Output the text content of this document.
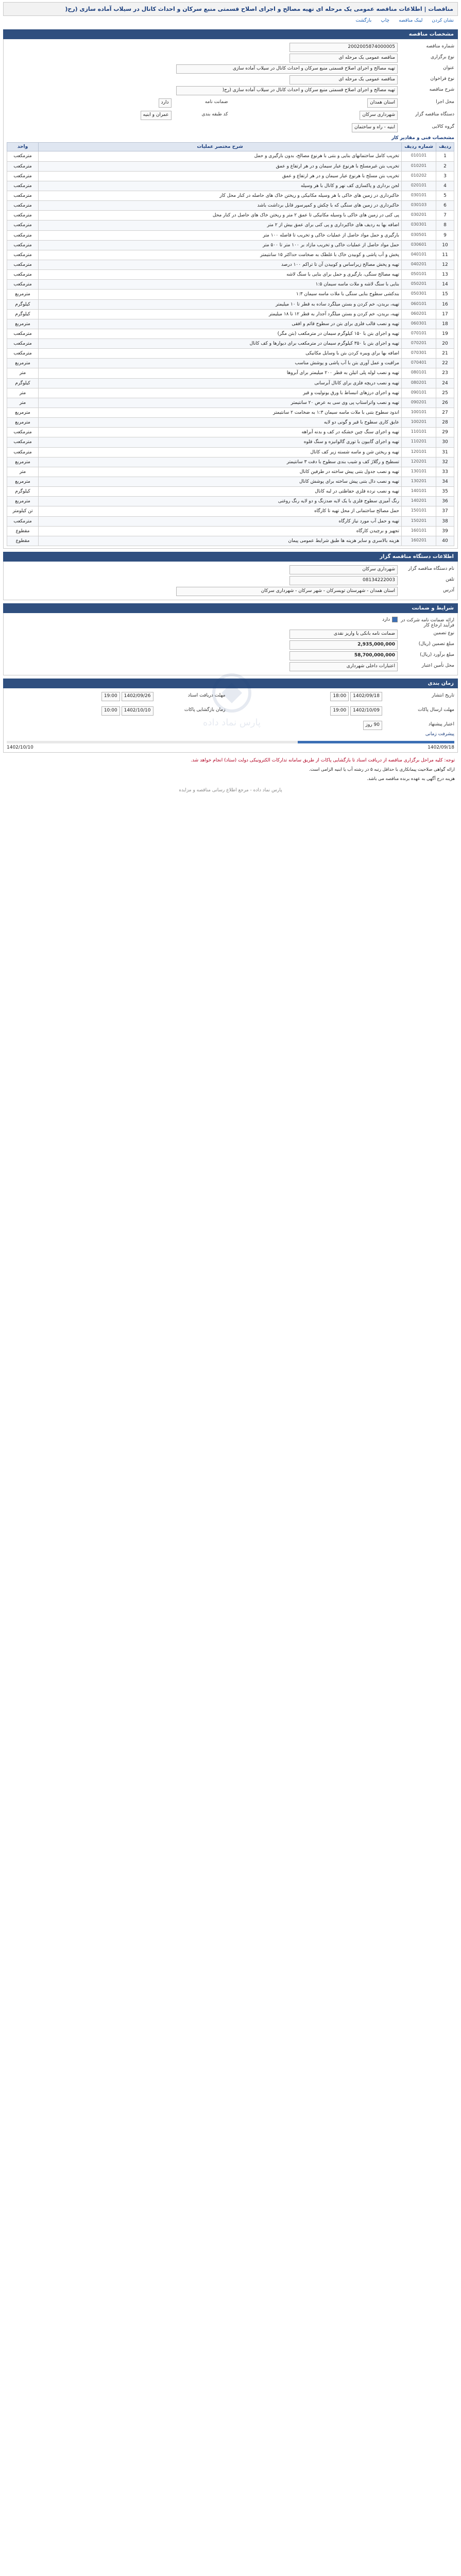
مناقصات | اطلاعات مناقصه عمومی یک مرحله ای تهیه مصالح و اجرای اصلاح قسمتی منبع سرکان و احداث کانال در سیلاب آماده سازی (رح(
نشان کردن
لینک مناقصه
چاپ
بازگشت
مشخصات مناقصه
شماره مناقصه
2002005874000005
نوع برگزاری
مناقصه عمومی یک مرحله ای
عنوان
تهیه مصالح و اجرای اصلاح قسمتی منبع سرکان و احداث کانال در سیلاب آماده سازی
نوع فراخوان
مناقصه عمومی یک مرحله ای
شرح مناقصه
تهیه مصالح و اجرای اصلاح قسمتی منبع سرکان و احداث کانال در سیلاب آماده سازی (رح(
محل اجرا
استان همدان
ضمانت نامه
دارد
دستگاه مناقصه گزار
شهرداری سرکان
کد طبقه بندی
عمران و ابنیه
گروه کالایی
ابنیه - راه و ساختمان
مشخصات فنی و مقادیر کار
ردیف	شماره ردیف	شرح مختصر عملیات	واحد
1	010101	تخریب کامل ساختمانهای بنایی و بتنی با هرنوع مصالح، بدون بارگیری و حمل	مترمکعب
2	010201	تخریب بتن غیرمسلح با هرنوع عیار سیمان و در هر ارتفاع و عمق	مترمکعب
3	010202	تخریب بتن مسلح با هرنوع عیار سیمان و در هر ارتفاع و عمق	مترمکعب
4	020101	لجن برداری و پاکسازی کف نهر و کانال با هر وسیله	مترمکعب
5	030101	خاکبرداری در زمین های خاکی با هر وسیله مکانیکی و ریختن خاک های حاصله در کنار محل کار	مترمکعب
6	030103	خاکبرداری در زمین های سنگی که با چکش و کمپرسور قابل برداشت باشد	مترمکعب
7	030201	پی کنی در زمین های خاکی با وسیله مکانیکی تا عمق ۲ متر و ریختن خاک های حاصل در کنار محل	مترمکعب
8	030301	اضافه بها به ردیف های خاکبرداری و پی کنی برای عمق بیش از ۲ متر	مترمکعب
9	030501	بارگیری و حمل مواد حاصل از عملیات خاکی و تخریب تا فاصله ۱۰۰ متر	مترمکعب
10	030601	حمل مواد حاصل از عملیات خاکی و تخریب مازاد بر ۱۰۰ متر تا ۵۰۰ متر	مترمکعب
11	040101	پخش و آب پاشی و کوبیدن خاک با غلطک به ضخامت حداکثر ۱۵ سانتیمتر	مترمکعب
12	040201	تهیه و پخش مصالح زیراساس و کوبیدن آن تا تراکم ۱۰۰ درصد	مترمکعب
13	050101	تهیه مصالح سنگی، بارگیری و حمل برای بنایی با سنگ لاشه	مترمکعب
14	050201	بنایی با سنگ لاشه و ملات ماسه سیمان ۱:۵	مترمکعب
15	050301	بندکشی سطوح بنایی سنگی با ملات ماسه سیمان ۱:۳	مترمربع
16	060101	تهیه، بریدن، خم کردن و بستن میلگرد ساده به قطر تا ۱۰ میلیمتر	کیلوگرم
17	060201	تهیه، بریدن، خم کردن و بستن میلگرد آجدار به قطر ۱۲ تا ۱۸ میلیمتر	کیلوگرم
18	060301	تهیه و نصب قالب فلزی برای بتن در سطوح قائم و افقی	مترمربع
19	070101	تهیه و اجرای بتن با ۱۵۰ کیلوگرم سیمان در مترمکعب (بتن مگر)	مترمکعب
20	070201	تهیه و اجرای بتن با ۳۵۰ کیلوگرم سیمان در مترمکعب برای دیوارها و کف کانال	مترمکعب
21	070301	اضافه بها برای ویبره کردن بتن با وسایل مکانیکی	مترمکعب
22	070401	مراقبت و عمل آوری بتن با آب پاشی و پوشش مناسب	مترمربع
23	080101	تهیه و نصب لوله پلی اتیلن به قطر ۲۰۰ میلیمتر برای آبروها	متر
24	080201	تهیه و نصب دریچه فلزی برای کانال آبرسانی	کیلوگرم
25	090101	تهیه و اجرای درزهای انبساط با ورق یونولیت و قیر	متر
26	090201	تهیه و نصب واتراستاپ پی وی سی به عرض ۲۰ سانتیمتر	متر
27	100101	اندود سطوح بتنی با ملات ماسه سیمان ۱:۳ به ضخامت ۲ سانتیمتر	مترمربع
28	100201	عایق کاری سطوح با قیر و گونی دو لایه	مترمربع
29	110101	تهیه و اجرای سنگ چین خشکه در کف و بدنه آبراهه	مترمکعب
30	110201	تهیه و اجرای گابیون با توری گالوانیزه و سنگ قلوه	مترمکعب
31	120101	تهیه و ریختن شن و ماسه شسته زیر کف کانال	مترمکعب
32	120201	تسطیح و رگلاژ کف و شیب بندی سطوح با دقت ۳ سانتیمتر	مترمربع
33	130101	تهیه و نصب جدول بتنی پیش ساخته در طرفین کانال	متر
34	130201	تهیه و نصب دال بتنی پیش ساخته برای پوشش کانال	مترمربع
35	140101	تهیه و نصب نرده فلزی حفاظتی در لبه کانال	کیلوگرم
36	140201	رنگ آمیزی سطوح فلزی با یک لایه ضدزنگ و دو لایه رنگ روغنی	مترمربع
37	150101	حمل مصالح ساختمانی از محل تهیه تا کارگاه	تن کیلومتر
38	150201	تهیه و حمل آب مورد نیاز کارگاه	مترمکعب
39	160101	تجهیز و برچیدن کارگاه	مقطوع
40	160201	هزینه بالاسری و سایر هزینه ها طبق شرایط عمومی پیمان	مقطوع
پارس نماد داده
اطلاعات دستگاه مناقصه گزار
نام دستگاه مناقصه گزار
شهرداری سرکان
تلفن
08134222003
آدرس
استان همدان - شهرستان تویسرکان - شهر سرکان - شهرداری سرکان
شرایط و ضمانت
ارائه ضمانت نامه شرکت در فرآیند ارجاع کار
دارد
نوع تضمین
ضمانت نامه بانکی یا واریز نقدی
مبلغ تضمین (ریال)
2,935,000,000
مبلغ برآورد (ریال)
58,700,000,000
محل تأمین اعتبار
اعتبارات داخلی شهرداری
زمان بندی
تاریخ انتشار
1402/09/18 18:00
مهلت دریافت اسناد
1402/09/26 19:00
مهلت ارسال پاکات
1402/10/09 19:00
زمان بازگشایی پاکات
1402/10/10 10:00
اعتبار پیشنهاد
90 روز
پیشرفت زمانی
1402/09/18
1402/10/10
توجه: کلیه مراحل برگزاری مناقصه از دریافت اسناد تا بازگشایی پاکات از طریق سامانه تدارکات الکترونیکی دولت (ستاد) انجام خواهد شد.
ارائه گواهی صلاحیت پیمانکاری با حداقل رتبه ۵ در رشته آب یا ابنیه الزامی است.
هزینه درج آگهی به عهده برنده مناقصه می باشد.
پارس نماد داده - مرجع اطلاع رسانی مناقصه و مزایده
